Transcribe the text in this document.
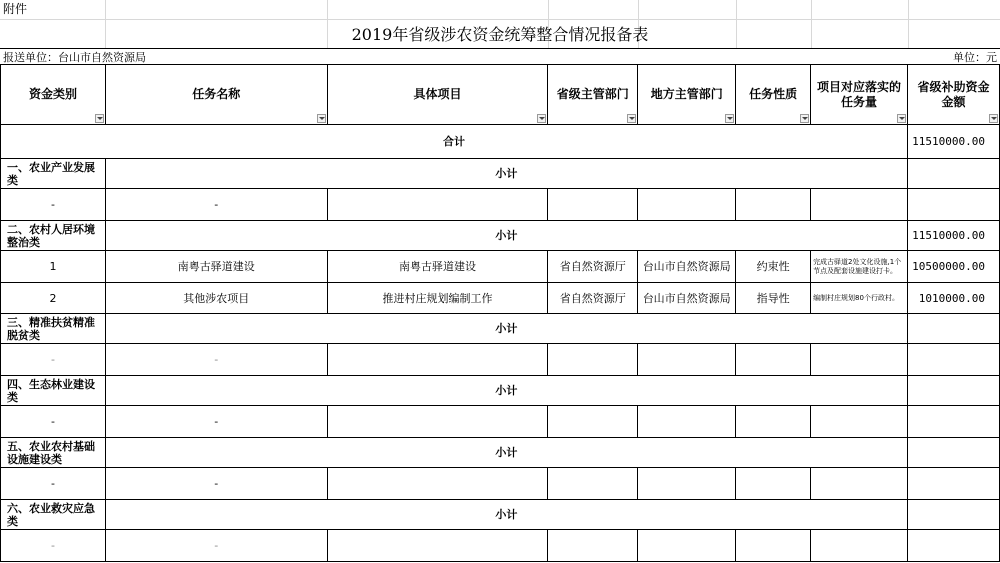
附件
2019年省级涉农资金统筹整合情况报备表
报送单位：台山市自然资源局	单位：元
资金类别	任务名称	具体项目	省级主管部门	地方主管部门	任务性质	项目对应落实的任务量	省级补助资金金额

合计							11510000.00
一、农业产业发展类	小计						
-	-						
二、农村人居环境整治类	小计						11510000.00
1	南粤古驿道建设	南粤古驿道建设	省自然资源厅	台山市自然资源局	约束性	完成古驿道2处文化设施,1个节点及配套设施建设打卡。	10500000.00
2	其他涉农项目	推进村庄规划编制工作	省自然资源厅	台山市自然资源局	指导性	编制村庄规划80个行政村。	1010000.00
三、精准扶贫精准脱贫类	小计						
-	-						
四、生态林业建设类	小计						
-	-						
五、农业农村基础设施建设类	小计						
-	-						
六、农业救灾应急类	小计						
-	-						
